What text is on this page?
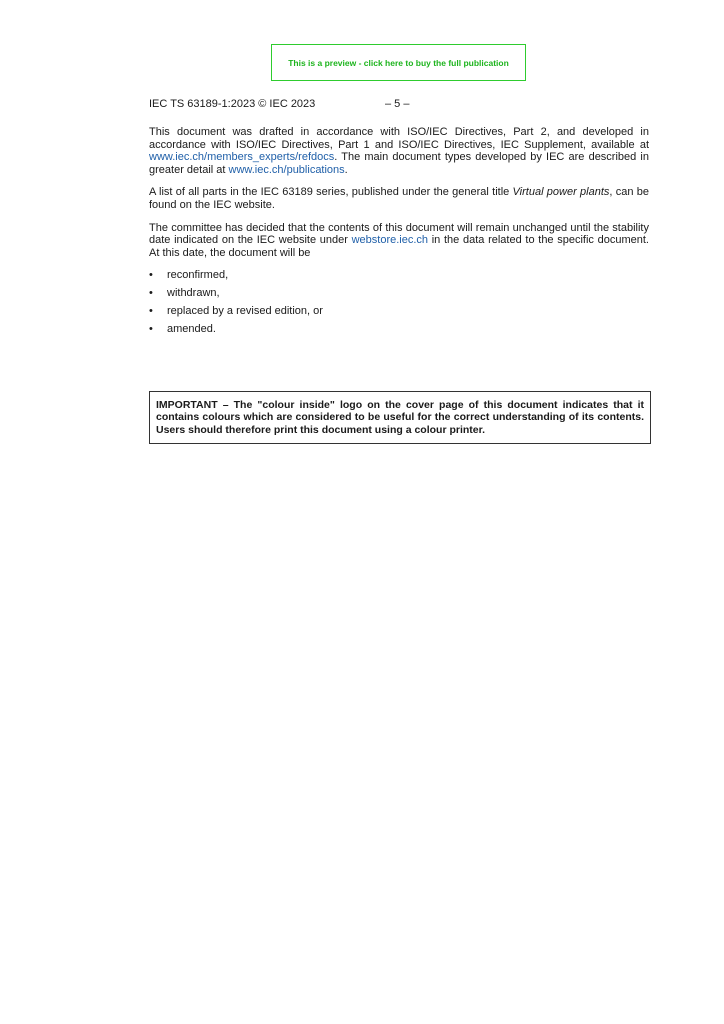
This is a preview - click here to buy the full publication
IEC TS 63189-1:2023 © IEC 2023	– 5 –

This document was drafted in accordance with ISO/IEC Directives, Part 2, and developed in accordance with ISO/IEC Directives, Part 1 and ISO/IEC Directives, IEC Supplement, available at www.iec.ch/members_experts/refdocs. The main document types developed by IEC are described in greater detail at www.iec.ch/publications.

A list of all parts in the IEC 63189 series, published under the general title Virtual power plants, can be found on the IEC website.

The committee has decided that the contents of this document will remain unchanged until the stability date indicated on the IEC website under webstore.iec.ch in the data related to the specific document. At this date, the document will be

• reconfirmed,
• withdrawn,
• replaced by a revised edition, or
• amended.
IMPORTANT – The "colour inside" logo on the cover page of this document indicates that it contains colours which are considered to be useful for the correct understanding of its contents. Users should therefore print this document using a colour printer.
